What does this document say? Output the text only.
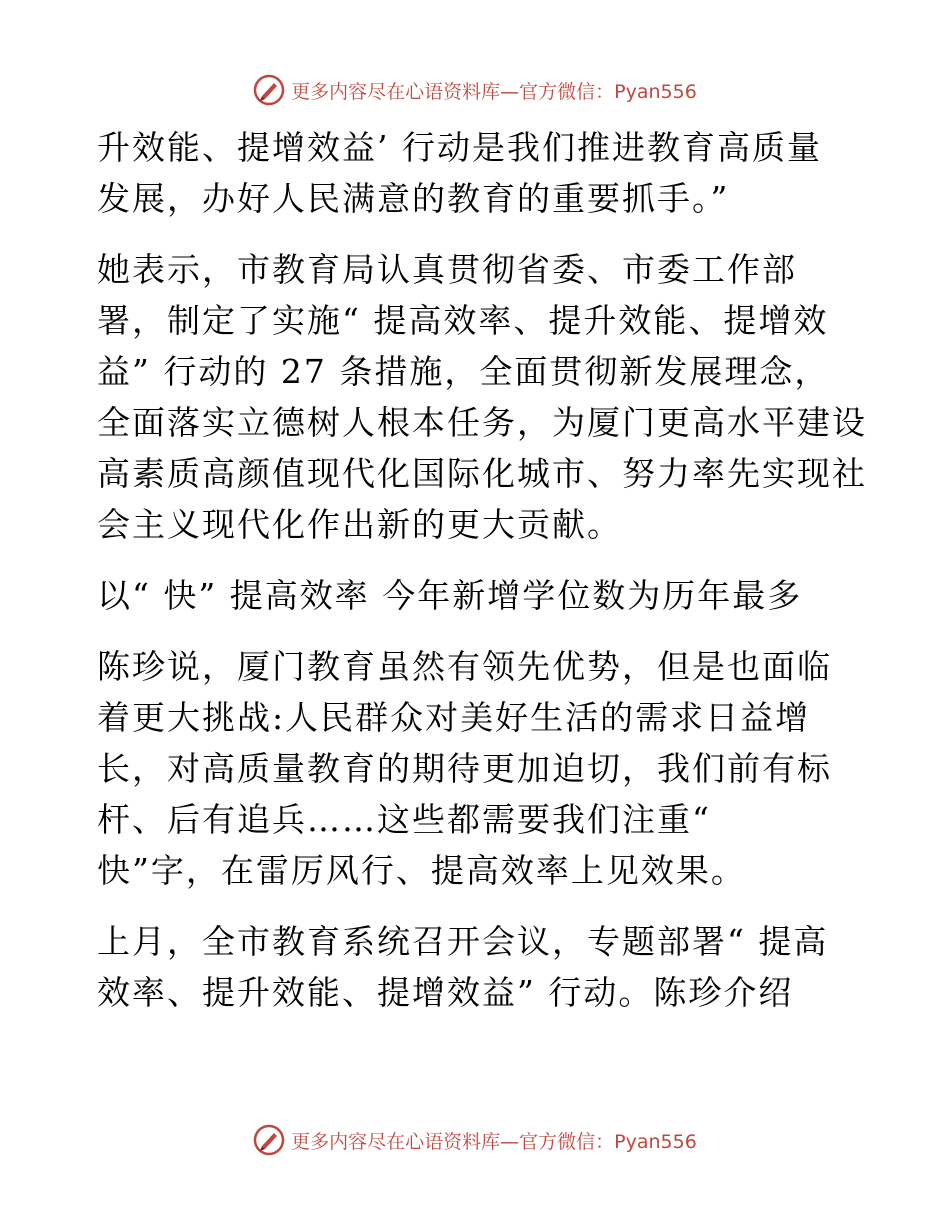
更多内容尽在心语资料库—官方微信：Pyan556

升效能、提增效益’ 行动是我们推进教育高质量
发展，办好人民满意的教育的重要抓手。”

她表示，市教育局认真贯彻省委、市委工作部
署，制定了实施“ 提高效率、提升效能、提增效
益” 行动的 27 条措施，全面贯彻新发展理念，
全面落实立德树人根本任务，为厦门更高水平建设
高素质高颜值现代化国际化城市、努力率先实现社
会主义现代化作出新的更大贡献。

以“ 快” 提高效率 今年新增学位数为历年最多

陈珍说，厦门教育虽然有领先优势，但是也面临
着更大挑战:人民群众对美好生活的需求日益增
长，对高质量教育的期待更加迫切，我们前有标
杆、后有追兵……这些都需要我们注重“
快”字，在雷厉风行、提高效率上见效果。

上月，全市教育系统召开会议，专题部署“ 提高
效率、提升效能、提增效益” 行动。陈珍介绍

更多内容尽在心语资料库—官方微信：Pyan556
